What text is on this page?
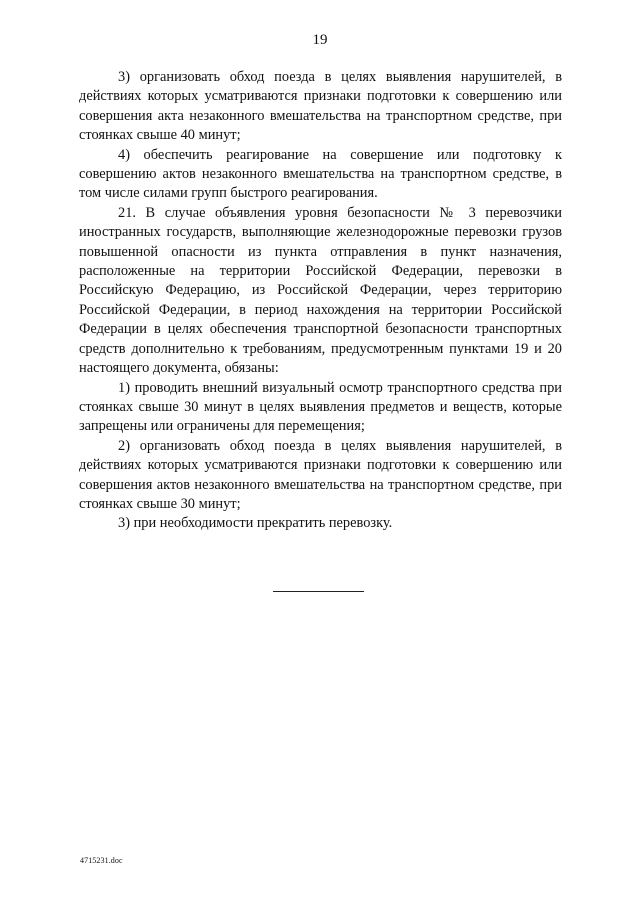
19

3) организовать обход поезда в целях выявления нарушителей, в действиях которых усматриваются признаки подготовки к совершению или совершения акта незаконного вмешательства на транспортном средстве, при стоянках свыше 40 минут;

4) обеспечить реагирование на совершение или подготовку к совершению актов незаконного вмешательства на транспортном средстве, в том числе силами групп быстрого реагирования.

21. В случае объявления уровня безопасности № 3 перевозчики иностранных государств, выполняющие железнодорожные перевозки грузов повышенной опасности из пункта отправления в пункт назначения, расположенные на территории Российской Федерации, перевозки в Российскую Федерацию, из Российской Федерации, через территорию Российской Федерации, в период нахождения на территории Российской Федерации в целях обеспечения транспортной безопасности транспортных средств дополнительно к требованиям, предусмотренным пунктами 19 и 20 настоящего документа, обязаны:

1) проводить внешний визуальный осмотр транспортного средства при стоянках свыше 30 минут в целях выявления предметов и веществ, которые запрещены или ограничены для перемещения;

2) организовать обход поезда в целях выявления нарушителей, в действиях которых усматриваются признаки подготовки к совершению или совершения актов незаконного вмешательства на транспортном средстве, при стоянках свыше 30 минут;

3) при необходимости прекратить перевозку.

4715231.doc
